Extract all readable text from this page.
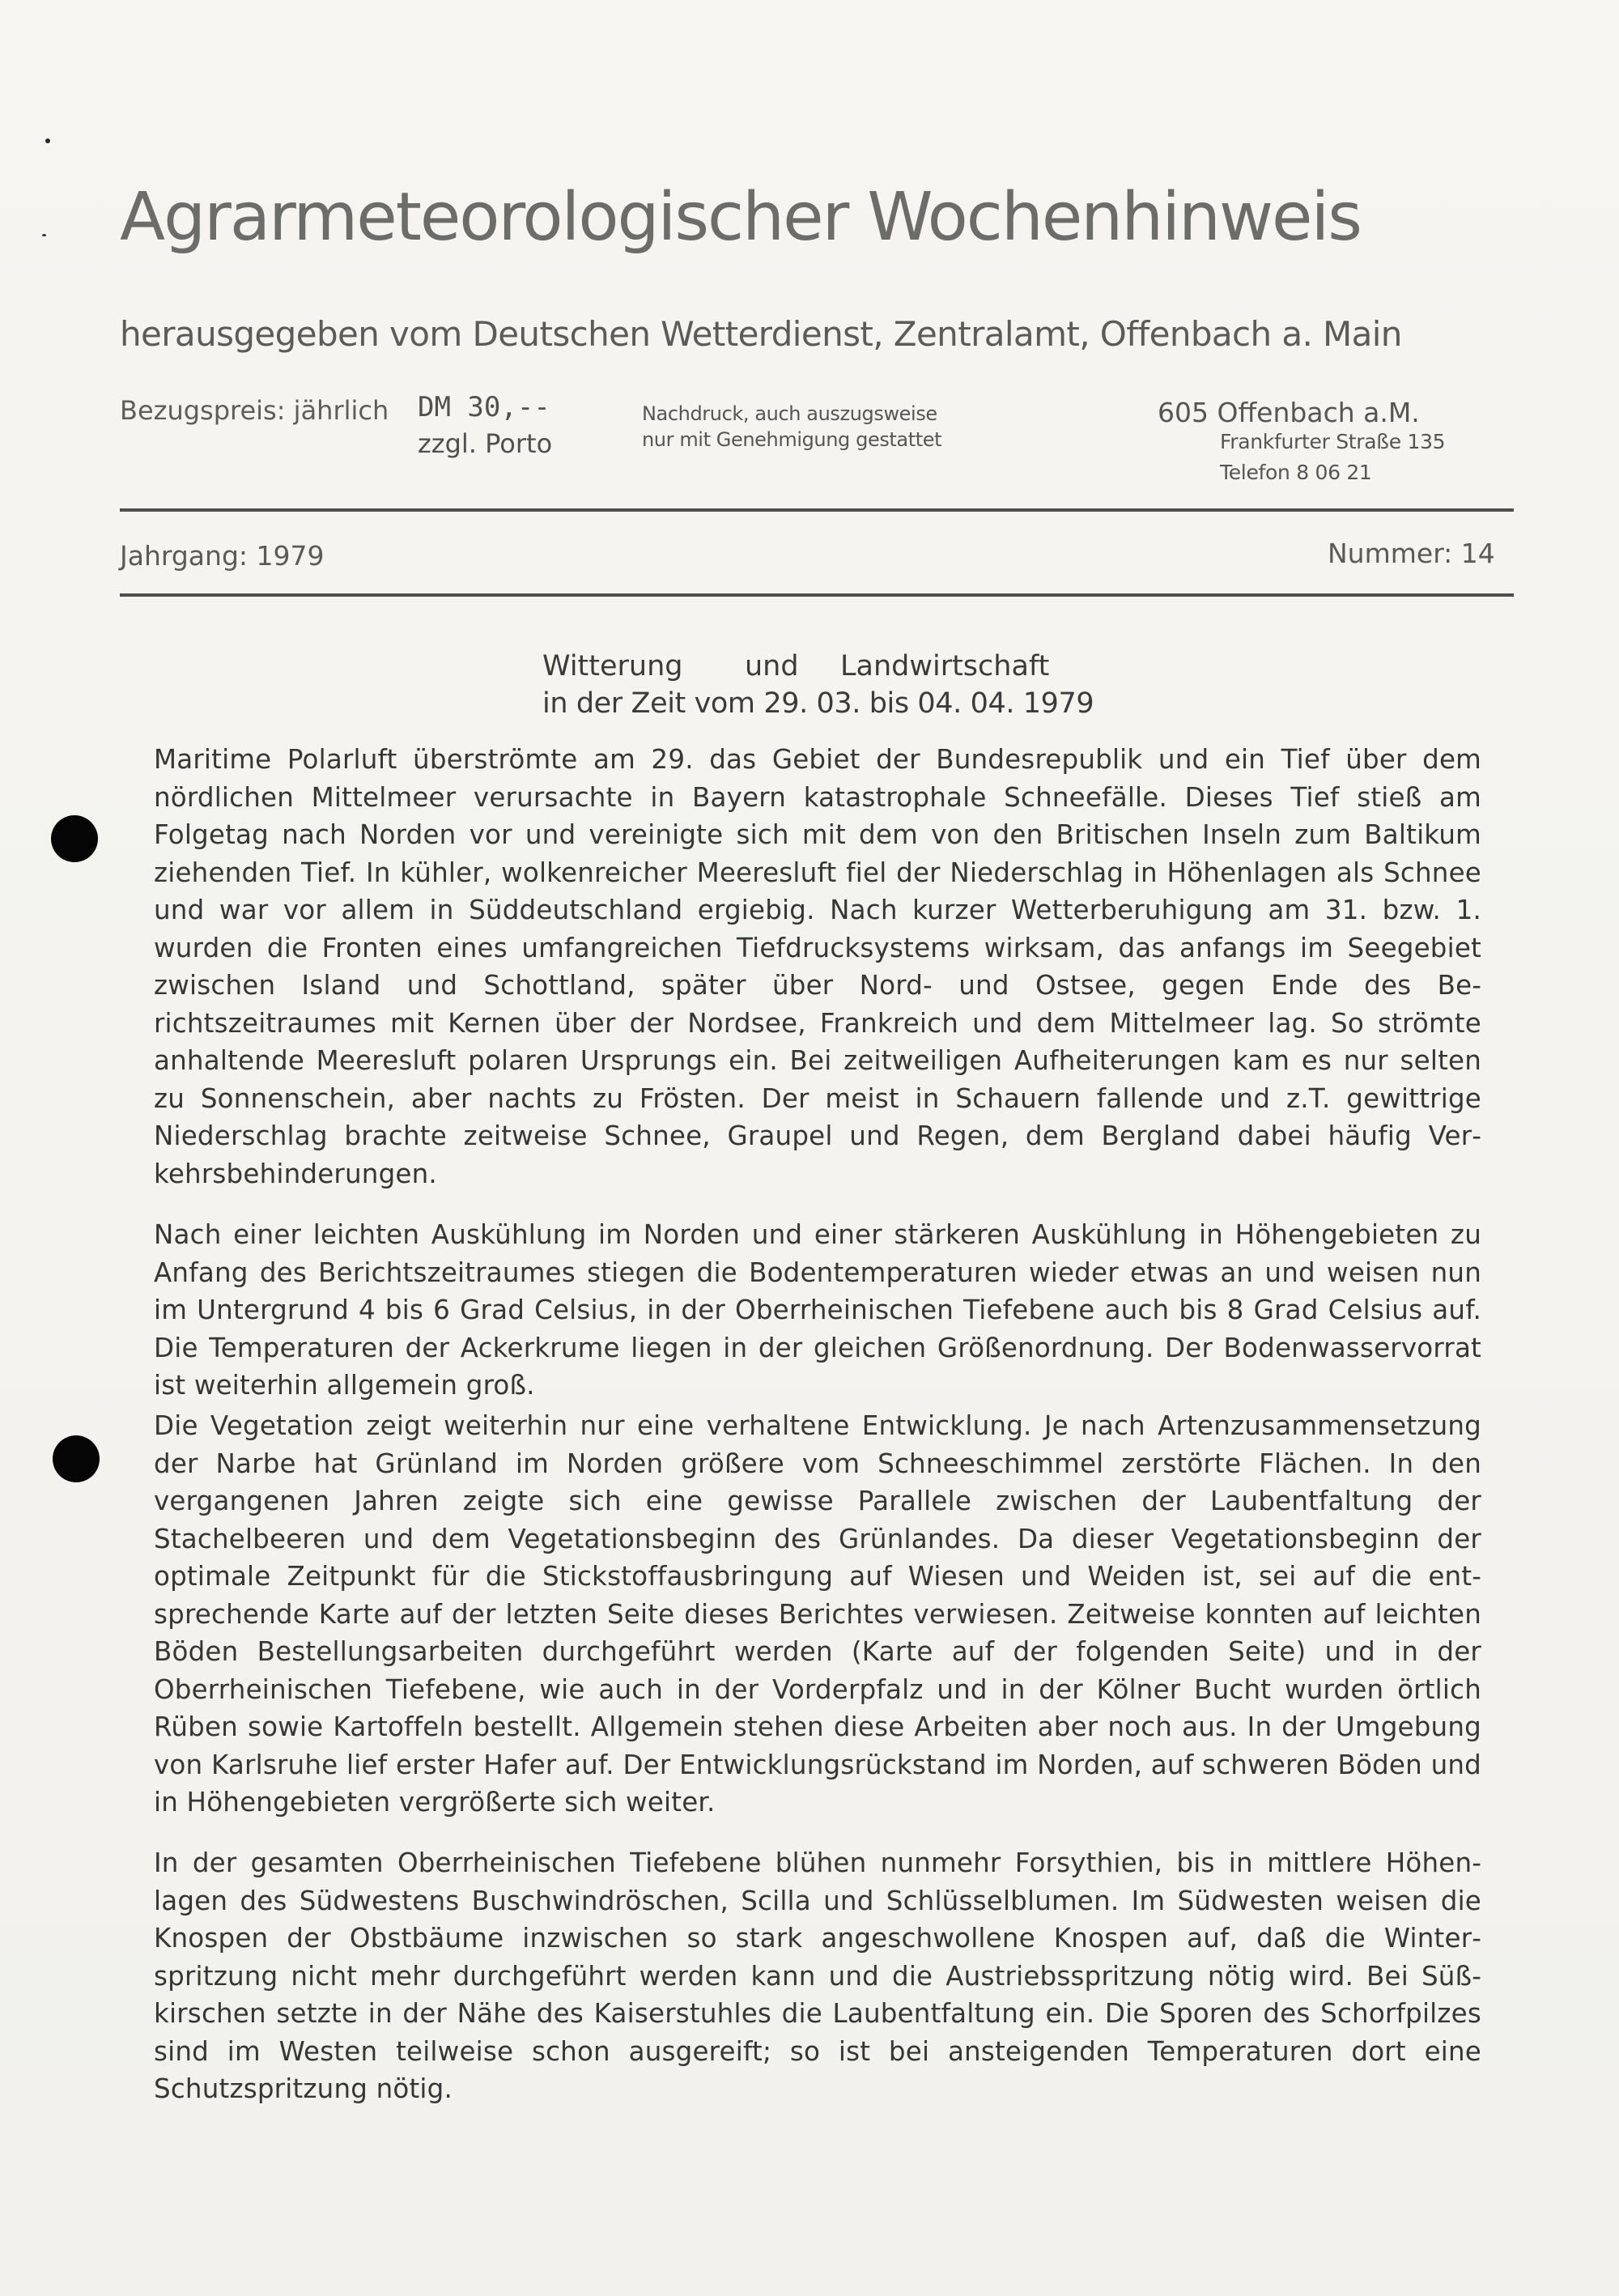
Agrarmeteorologischer Wochenhinweis
herausgegeben vom Deutschen Wetterdienst, Zentralamt, Offenbach a. Main
Bezugspreis: jährlich DM 30,--
zzgl. Porto
Nachdruck, auch auszugsweise
nur mit Genehmigung gestattet
605 Offenbach a.M.
Frankfurter Straße 135
Telefon 8 06 21
Jahrgang: 1979	Nummer: 14
Witterung und Landwirtschaft
in der Zeit vom 29. 03. bis 04. 04. 1979

Maritime Polarluft überströmte am 29. das Gebiet der Bundesrepublik und ein Tief über dem nördlichen Mittelmeer verursachte in Bayern katastrophale Schneefälle. Dieses Tief stieß am Folgetag nach Norden vor und vereinigte sich mit dem von den Britischen Inseln zum Baltikum ziehenden Tief. In kühler, wolkenreicher Meeresluft fiel der Niederschlag in Höhenlagen als Schnee und war vor allem in Süddeutschland ergiebig. Nach kurzer Wetterberuhigung am 31. bzw. 1. wurden die Fronten eines umfangreichen Tiefdrucksystems wirksam, das anfangs im Seegebiet zwischen Island und Schottland, später über Nord- und Ostsee, gegen Ende des Berichtszeitraumes mit Kernen über der Nordsee, Frankreich und dem Mittelmeer lag. So strömte anhaltende Meeresluft polaren Ursprungs ein. Bei zeitweiligen Aufheiterungen kam es nur selten zu Sonnenschein, aber nachts zu Frösten. Der meist in Schauern fallende und z.T. gewittrige Niederschlag brachte zeitweise Schnee, Graupel und Regen, dem Bergland dabei häufig Verkehrsbehinderungen.

Nach einer leichten Auskühlung im Norden und einer stärkeren Auskühlung in Höhengebieten zu Anfang des Berichtszeitraumes stiegen die Bodentemperaturen wieder etwas an und weisen nun im Untergrund 4 bis 6 Grad Celsius, in der Oberrheinischen Tiefebene auch bis 8 Grad Celsius auf. Die Temperaturen der Ackerkrume liegen in der gleichen Größenordnung. Der Bodenwasservorrat ist weiterhin allgemein groß.

Die Vegetation zeigt weiterhin nur eine verhaltene Entwicklung. Je nach Artenzusammensetzung der Narbe hat Grünland im Norden größere vom Schneeschimmel zerstörte Flächen. In den vergangenen Jahren zeigte sich eine gewisse Parallele zwischen der Laubentfaltung der Stachelbeeren und dem Vegetationsbeginn des Grünlandes. Da dieser Vegetationsbeginn der optimale Zeitpunkt für die Stickstoffausbringung auf Wiesen und Weiden ist, sei auf die entsprechende Karte auf der letzten Seite dieses Berichtes verwiesen. Zeitweise konnten auf leichten Böden Bestellungsarbeiten durchgeführt werden (Karte auf der folgenden Seite) und in der Oberrheinischen Tiefebene, wie auch in der Vorderpfalz und in der Kölner Bucht wurden örtlich Rüben sowie Kartoffeln bestellt. Allgemein stehen diese Arbeiten aber noch aus. In der Umgebung von Karlsruhe lief erster Hafer auf. Der Entwicklungsrückstand im Norden, auf schweren Böden und in Höhengebieten vergrößerte sich weiter.

In der gesamten Oberrheinischen Tiefebene blühen nunmehr Forsythien, bis in mittlere Höhenlagen des Südwestens Buschwindröschen, Scilla und Schlüsselblumen. Im Südwesten weisen die Knospen der Obstbäume inzwischen so stark angeschwollene Knospen auf, daß die Winterspritzung nicht mehr durchgeführt werden kann und die Austriebsspritzung nötig wird. Bei Süßkirschen setzte in der Nähe des Kaiserstuhles die Laubentfaltung ein. Die Sporen des Schorfpilzes sind im Westen teilweise schon ausgereift; so ist bei ansteigenden Temperaturen dort eine Schutzspritzung nötig.
